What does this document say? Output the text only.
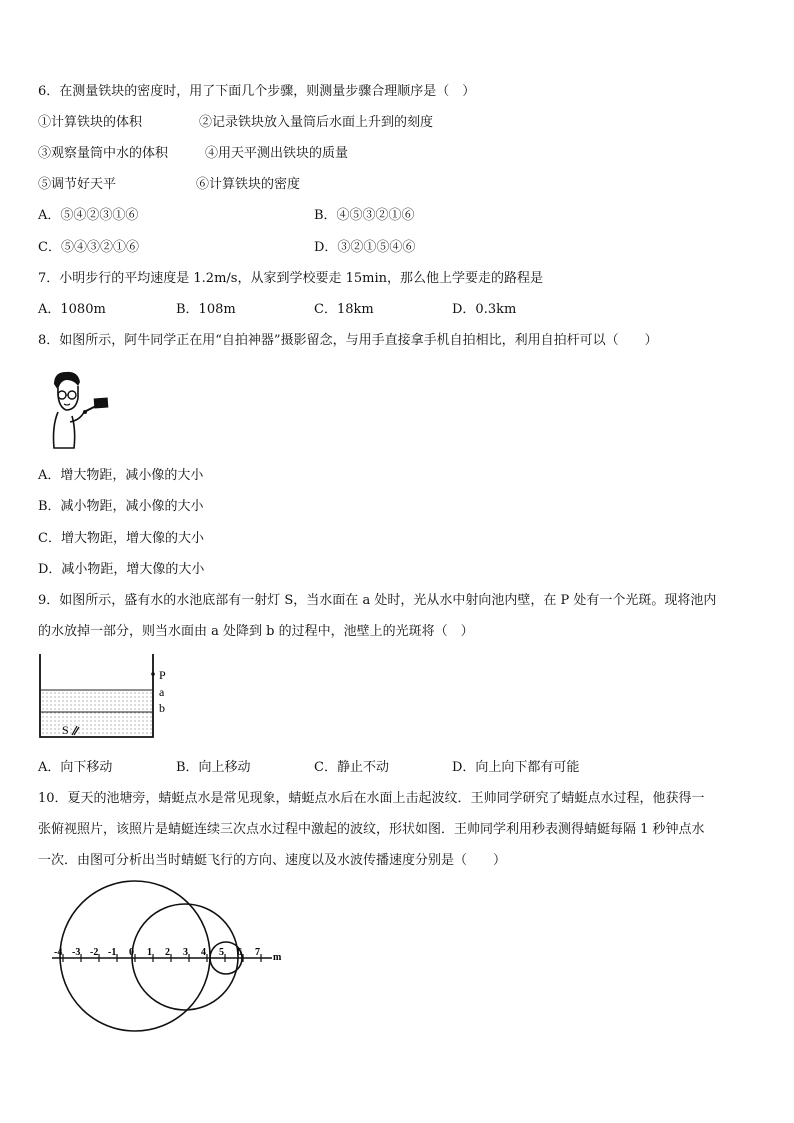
6．在测量铁块的密度时，用了下面几个步骤，则测量步骤合理顺序是（　）
①计算铁块的体积	②记录铁块放入量筒后水面上升到的刻度
③观察量筒中水的体积	④用天平测出铁块的质量
⑤调节好天平	⑥计算铁块的密度
A．⑤④②③①⑥	B．④⑤③②①⑥
C．⑤④③②①⑥	D．③②①⑤④⑥
7．小明步行的平均速度是 1.2m/s，从家到学校要走 15min，那么他上学要走的路程是
A．1080m	B．108m	C．18km	D．0.3km
8．如图所示，阿牛同学正在用“自拍神器”摄影留念，与用手直接拿手机自拍相比，利用自拍杆可以（　　）
A．增大物距，减小像的大小
B．减小物距，减小像的大小
C．增大物距，增大像的大小
D．减小物距，增大像的大小
9．如图所示，盛有水的水池底部有一射灯 S，当水面在 a 处时，光从水中射向池内壁，在 P 处有一个光斑。现将池内
的水放掉一部分，则当水面由 a 处降到 b 的过程中，池壁上的光斑将（　）
P
a
b
S
A．向下移动	B．向上移动	C．静止不动	D．向上向下都有可能
10．夏天的池塘旁，蜻蜓点水是常见现象，蜻蜓点水后在水面上击起波纹．王帅同学研究了蜻蜓点水过程，他获得一
张俯视照片，该照片是蜻蜓连续三次点水过程中激起的波纹，形状如图．王帅同学利用秒表测得蜻蜓每隔 1 秒钟点水
一次．由图可分析出当时蜻蜓飞行的方向、速度以及水波传播速度分别是（　　）
-4 -3 -2 -1 0 1 2 3 4 5 6 7 m
